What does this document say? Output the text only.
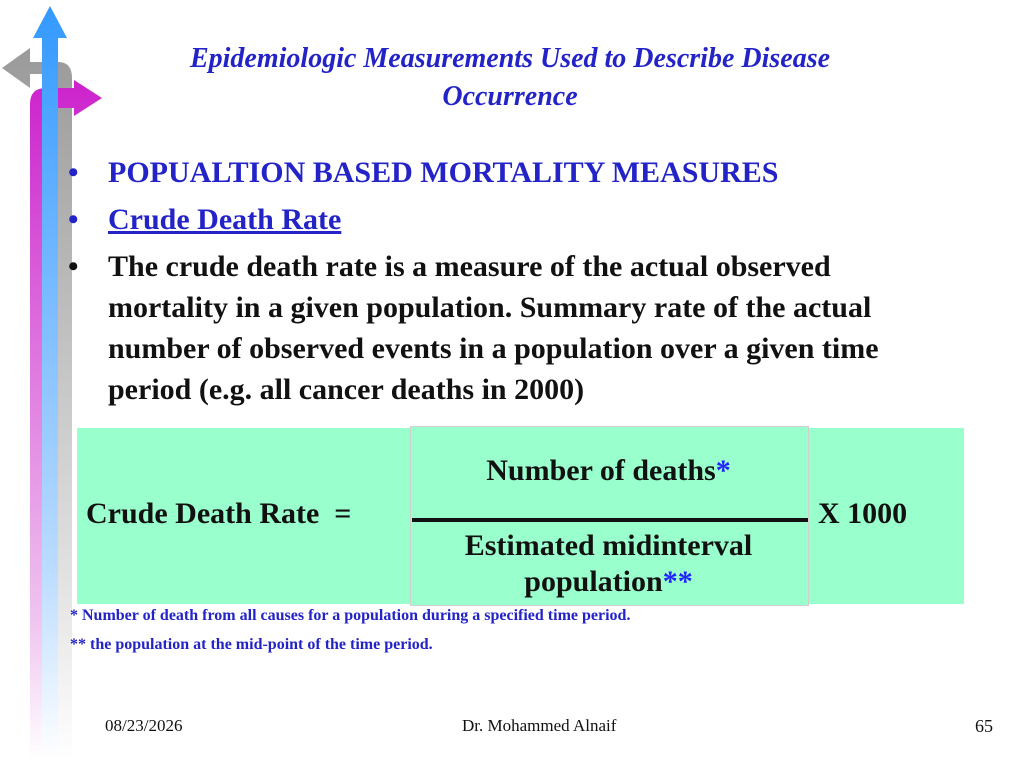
Epidemiologic Measurements Used to Describe Disease
Occurrence
• POPUALTION BASED MORTALITY MEASURES
• Crude Death Rate
• The crude death rate is a measure of the actual observed mortality in a given population. Summary rate of the actual number of observed events in a population over a given time period (e.g. all cancer deaths in 2000)
Crude Death Rate  =
Number of deaths*
Estimated midinterval
population**
X 1000
* Number of death from all causes for a population during a specified time period.
** the population at the mid-point of the time period.
08/23/2026	Dr. Mohammed Alnaif	65
